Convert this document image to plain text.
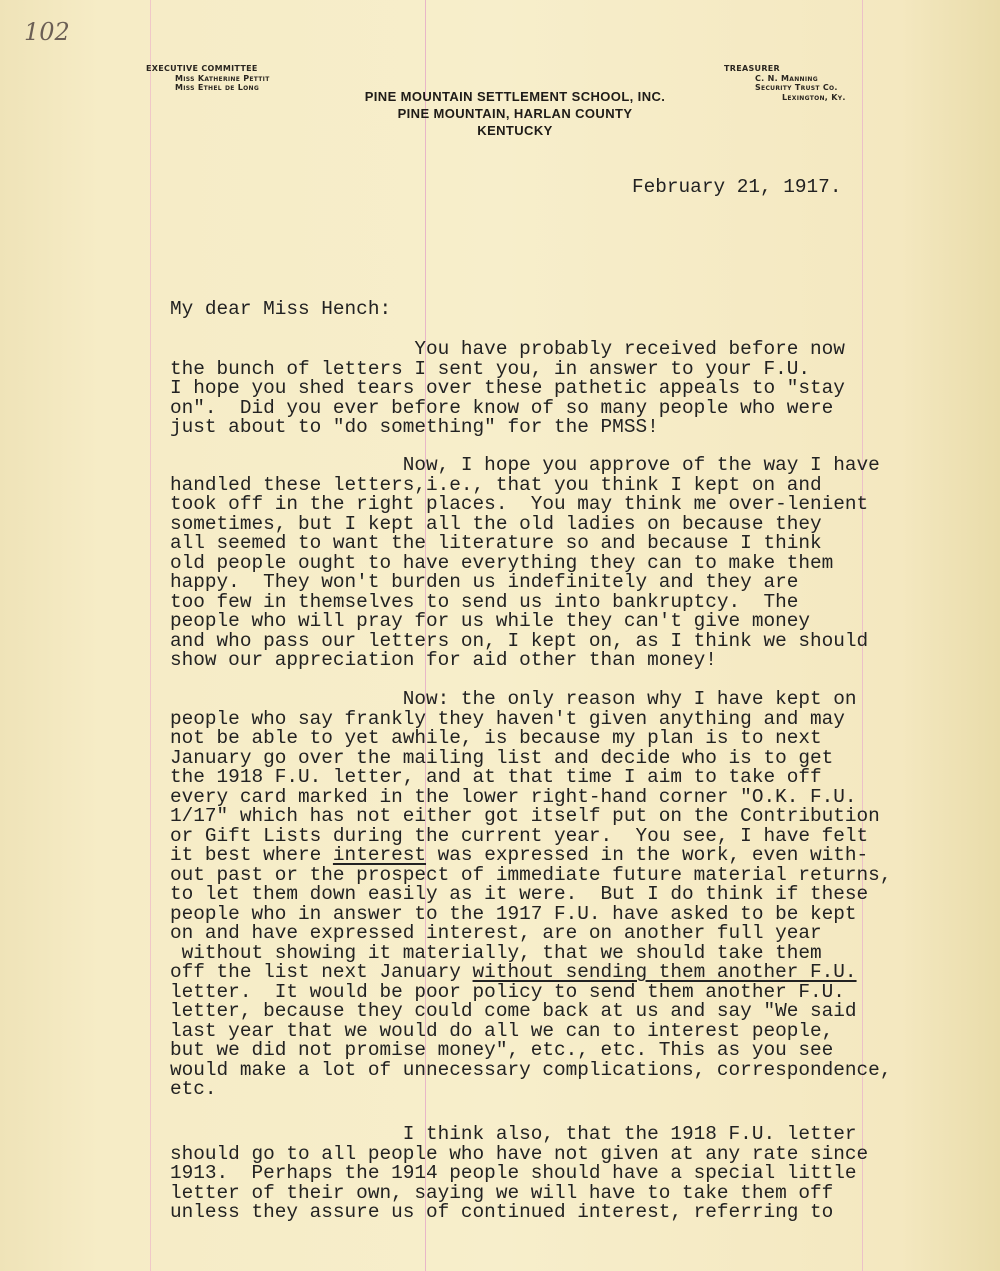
102
EXECUTIVE COMMITTEE
Miss Katherine Pettit
Miss Ethel de Long
PINE MOUNTAIN SETTLEMENT SCHOOL, INC.
PINE MOUNTAIN, HARLAN COUNTY
KENTUCKY
TREASURER
C. N. Manning
Security Trust Co.
Lexington, Ky.
February 21, 1917.
My dear Miss Hench:
You have probably received before now
the bunch of letters I sent you, in answer to your F.U.
I hope you shed tears over these pathetic appeals to "stay
on".  Did you ever before know of so many people who were
just about to "do something" for the PMSS!
Now, I hope you approve of the way I have
handled these letters,i.e., that you think I kept on and
took off in the right places.  You may think me over-lenient
sometimes, but I kept all the old ladies on because they
all seemed to want the literature so and because I think
old people ought to have everything they can to make them
happy.  They won't burden us indefinitely and they are
too few in themselves to send us into bankruptcy.  The
people who will pray for us while they can't give money
and who pass our letters on, I kept on, as I think we should
show our appreciation for aid other than money!
Now: the only reason why I have kept on
people who say frankly they haven't given anything and may
not be able to yet awhile, is because my plan is to next
January go over the mailing list and decide who is to get
the 1918 F.U. letter, and at that time I aim to take off
every card marked in the lower right-hand corner "O.K. F.U.
1/17" which has not either got itself put on the Contribution
or Gift Lists during the current year.  You see, I have felt
it best where interest was expressed in the work, even with-
out past or the prospect of immediate future material returns,
to let them down easily as it were.  But I do think if these
people who in answer to the 1917 F.U. have asked to be kept
on and have expressed interest, are on another full year
without showing it materially, that we should take them
off the list next January without sending them another F.U.
letter.  It would be poor policy to send them another F.U.
letter, because they could come back at us and say "We said
last year that we would do all we can to interest people,
but we did not promise money", etc., etc. This as you see
would make a lot of unnecessary complications, correspondence,
etc.
I think also, that the 1918 F.U. letter
should go to all people who have not given at any rate since
1913.  Perhaps the 1914 people should have a special little
letter of their own, saying we will have to take them off
unless they assure us of continued interest, referring to
